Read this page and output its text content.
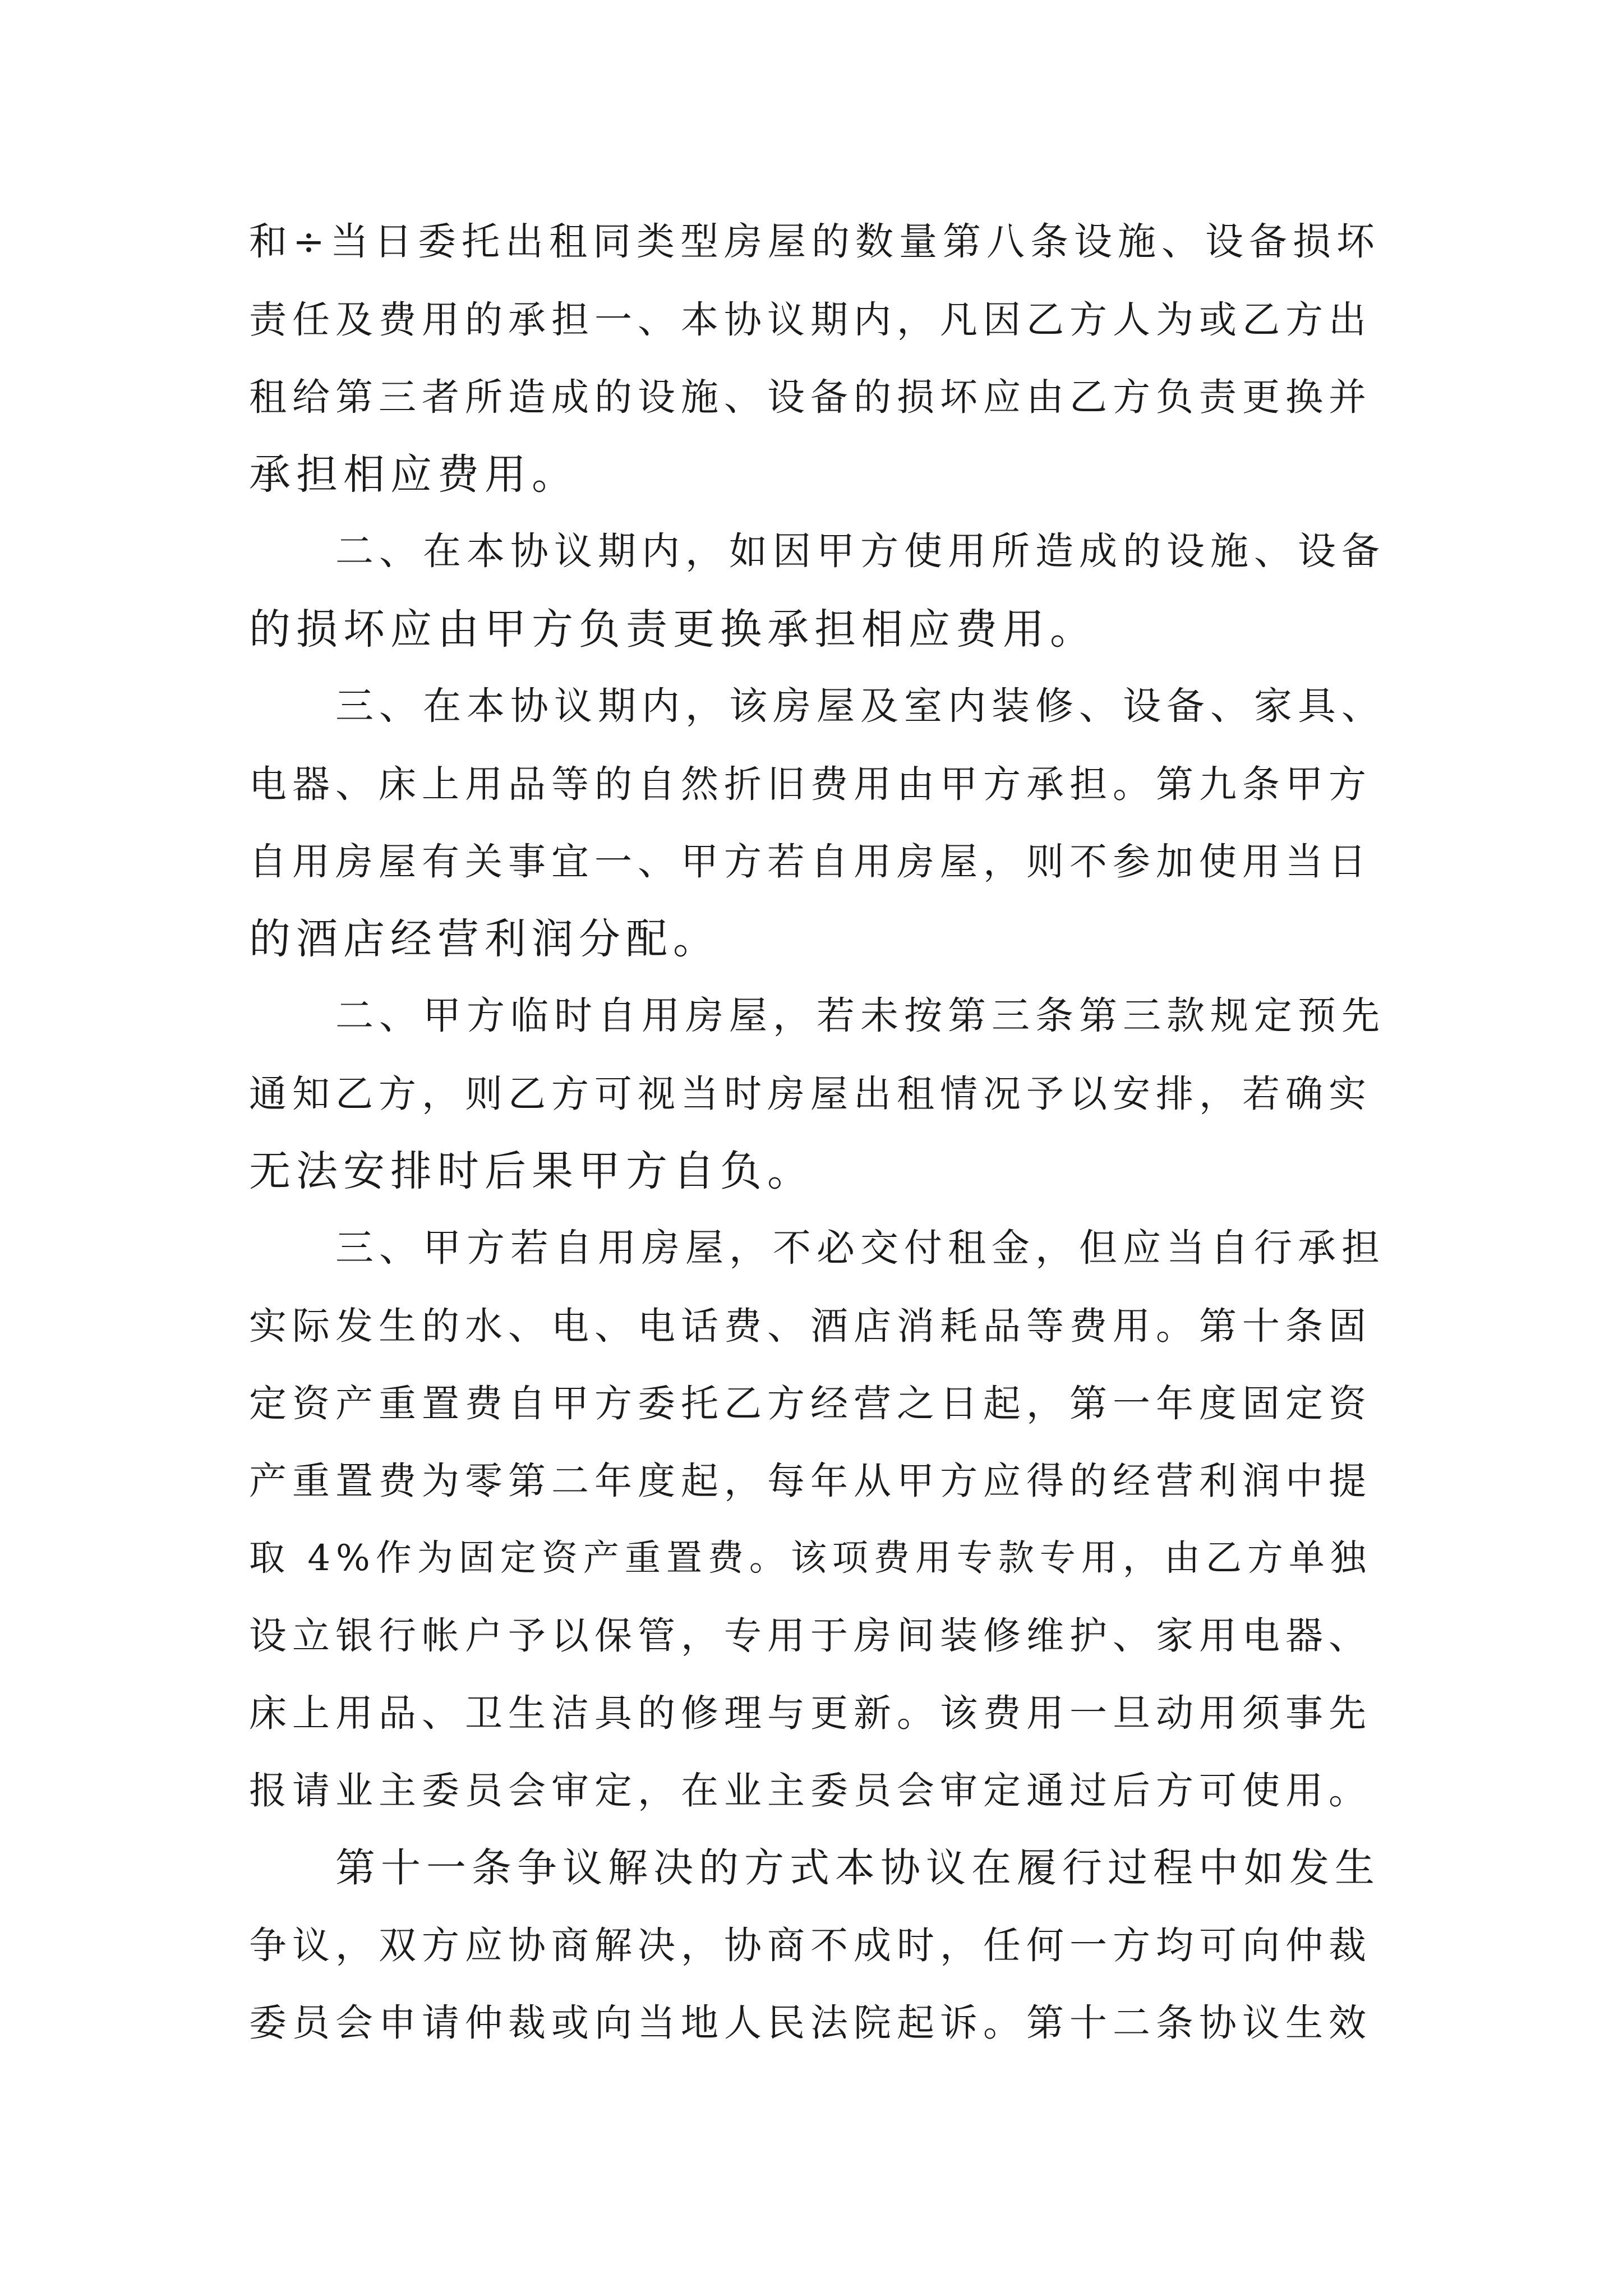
和÷当日委托出租同类型房屋的数量第八条设施、设备损坏
责任及费用的承担一、本协议期内，凡因乙方人为或乙方出
租给第三者所造成的设施、设备的损坏应由乙方负责更换并
承担相应费用。
二、在本协议期内，如因甲方使用所造成的设施、设备
的损坏应由甲方负责更换承担相应费用。
三、在本协议期内，该房屋及室内装修、设备、家具、
电器、床上用品等的自然折旧费用由甲方承担。第九条甲方
自用房屋有关事宜一、甲方若自用房屋，则不参加使用当日
的酒店经营利润分配。
二、甲方临时自用房屋，若未按第三条第三款规定预先
通知乙方，则乙方可视当时房屋出租情况予以安排，若确实
无法安排时后果甲方自负。
三、甲方若自用房屋，不必交付租金，但应当自行承担
实际发生的水、电、电话费、酒店消耗品等费用。第十条固
定资产重置费自甲方委托乙方经营之日起，第一年度固定资
产重置费为零第二年度起，每年从甲方应得的经营利润中提
取 4%作为固定资产重置费。该项费用专款专用，由乙方单独
设立银行帐户予以保管，专用于房间装修维护、家用电器、
床上用品、卫生洁具的修理与更新。该费用一旦动用须事先
报请业主委员会审定，在业主委员会审定通过后方可使用。
第十一条争议解决的方式本协议在履行过程中如发生
争议，双方应协商解决，协商不成时，任何一方均可向仲裁
委员会申请仲裁或向当地人民法院起诉。第十二条协议生效
